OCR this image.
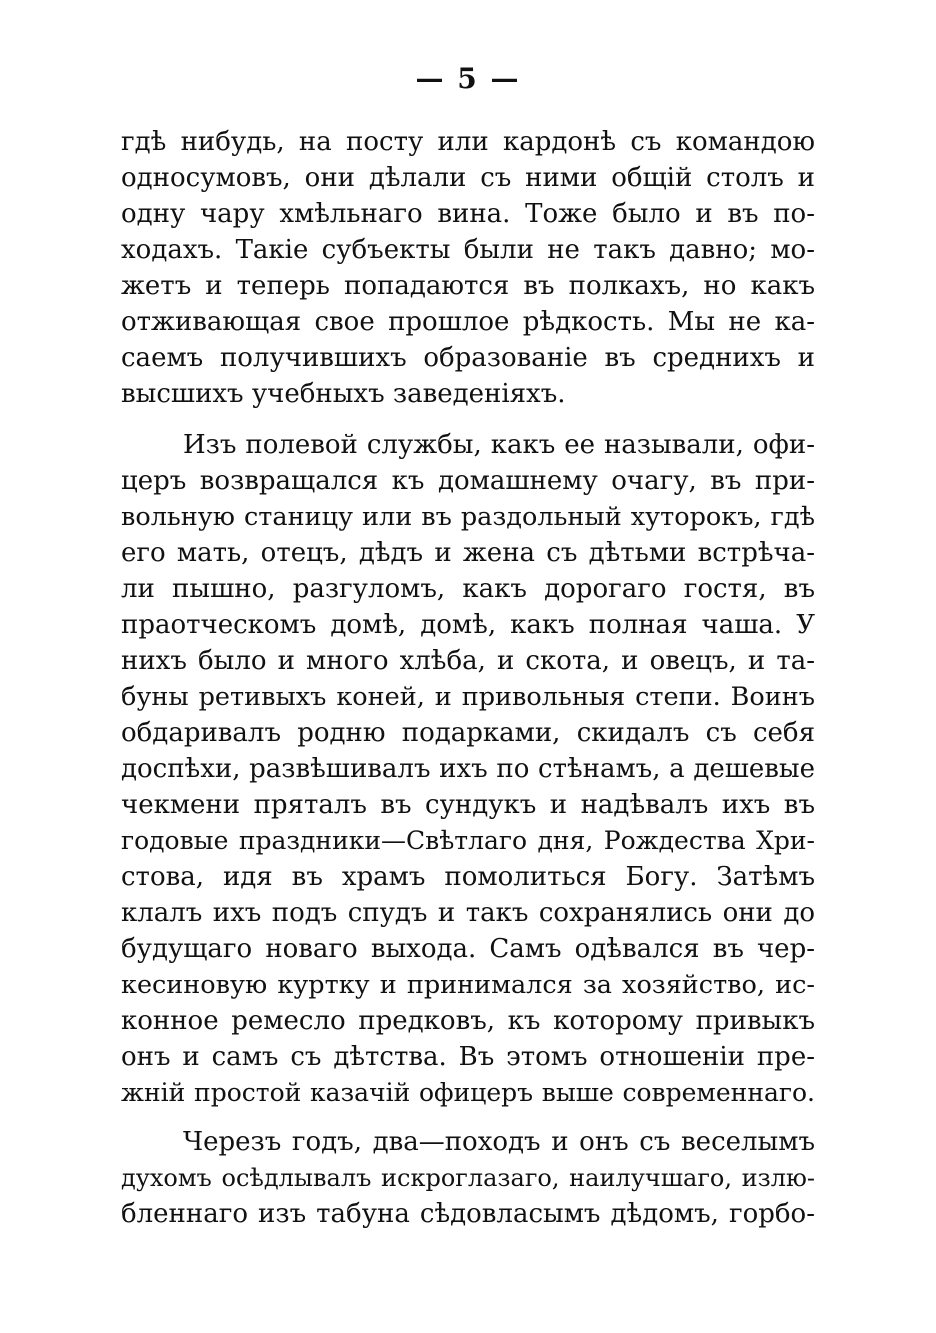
— 5 —
гдѣ нибудь, на посту или кардонѣ съ командою
односумовъ, они дѣлали съ ними общій столъ и
одну чару хмѣльнаго вина. Тоже было и въ по-
ходахъ. Такіе субъекты были не такъ давно; мо-
жетъ и теперь попадаются въ полкахъ, но какъ
отживающая свое прошлое рѣдкость. Мы не ка-
саемъ получившихъ образованіе въ среднихъ и
высшихъ учебныхъ заведеніяхъ.
Изъ полевой службы, какъ ее называли, офи-
церъ возвращался къ домашнему очагу, въ при-
вольную станицу или въ раздольный хуторокъ, гдѣ
его мать, отецъ, дѣдъ и жена съ дѣтьми встрѣча-
ли пышно, разгуломъ, какъ дорогаго гостя, въ
праотческомъ домѣ, домѣ, какъ полная чаша. У
нихъ было и много хлѣба, и скота, и овецъ, и та-
буны ретивыхъ коней, и привольныя степи. Воинъ
обдаривалъ родню подарками, скидалъ съ себя
доспѣхи, развѣшивалъ ихъ по стѣнамъ, а дешевые
чекмени пряталъ въ сундукъ и надѣвалъ ихъ въ
годовые праздники—Свѣтлаго дня, Рождества Хри-
стова, идя въ храмъ помолиться Богу. Затѣмъ
клалъ ихъ подъ спудъ и такъ сохранялись они до
будущаго новаго выхода. Самъ одѣвался въ чер-
кесиновую куртку и принимался за хозяйство, ис-
конное ремесло предковъ, къ которому привыкъ
онъ и самъ съ дѣтства. Въ этомъ отношеніи пре-
жній простой казачій офицеръ выше современнаго.
Черезъ годъ, два—походъ и онъ съ веселымъ
духомъ осѣдлывалъ искроглазаго, наилучшаго, излю-
бленнаго изъ табуна сѣдовласымъ дѣдомъ, горбо-
